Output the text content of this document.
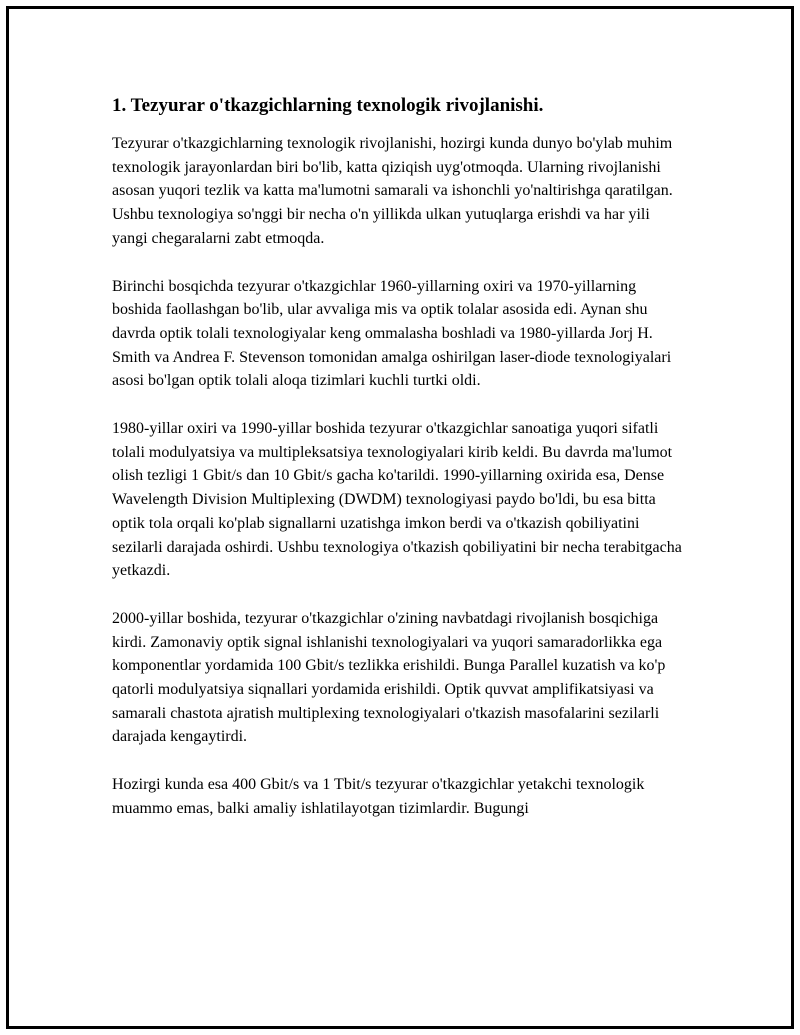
1. Tezyurar o'tkazgichlarning texnologik rivojlanishi.

Tezyurar o'tkazgichlarning texnologik rivojlanishi, hozirgi kunda dunyo bo'ylab muhim texnologik jarayonlardan biri bo'lib, katta qiziqish uyg'otmoqda. Ularning rivojlanishi asosan yuqori tezlik va katta ma'lumotni samarali va ishonchli yo'naltirishga qaratilgan. Ushbu texnologiya so'nggi bir necha o'n yillikda ulkan yutuqlarga erishdi va har yili yangi chegaralarni zabt etmoqda.

Birinchi bosqichda tezyurar o'tkazgichlar 1960-yillarning oxiri va 1970-yillarning boshida faollashgan bo'lib, ular avvaliga mis va optik tolalar asosida edi. Aynan shu davrda optik tolali texnologiyalar keng ommalasha boshladi va 1980-yillarda Jorj H. Smith va Andrea F. Stevenson tomonidan amalga oshirilgan laser-diode texnologiyalari asosi bo'lgan optik tolali aloqa tizimlari kuchli turtki oldi.

1980-yillar oxiri va 1990-yillar boshida tezyurar o'tkazgichlar sanoatiga yuqori sifatli tolali modulyatsiya va multipleksatsiya texnologiyalari kirib keldi. Bu davrda ma'lumot olish tezligi 1 Gbit/s dan 10 Gbit/s gacha ko'tarildi. 1990-yillarning oxirida esa, Dense Wavelength Division Multiplexing (DWDM) texnologiyasi paydo bo'ldi, bu esa bitta optik tola orqali ko'plab signallarni uzatishga imkon berdi va o'tkazish qobiliyatini sezilarli darajada oshirdi. Ushbu texnologiya o'tkazish qobiliyatini bir necha terabitgacha yetkazdi.

2000-yillar boshida, tezyurar o'tkazgichlar o'zining navbatdagi rivojlanish bosqichiga kirdi. Zamonaviy optik signal ishlanishi texnologiyalari va yuqori samaradorlikka ega komponentlar yordamida 100 Gbit/s tezlikka erishildi. Bunga Parallel kuzatish va ko'p qatorli modulyatsiya siqnallari yordamida erishildi. Optik quvvat amplifikatsiyasi va samarali chastota ajratish multiplexing texnologiyalari o'tkazish masofalarini sezilarli darajada kengaytirdi.

Hozirgi kunda esa 400 Gbit/s va 1 Tbit/s tezyurar o'tkazgichlar yetakchi texnologik muammo emas, balki amaliy ishlatilayotgan tizimlardir. Bugungi
